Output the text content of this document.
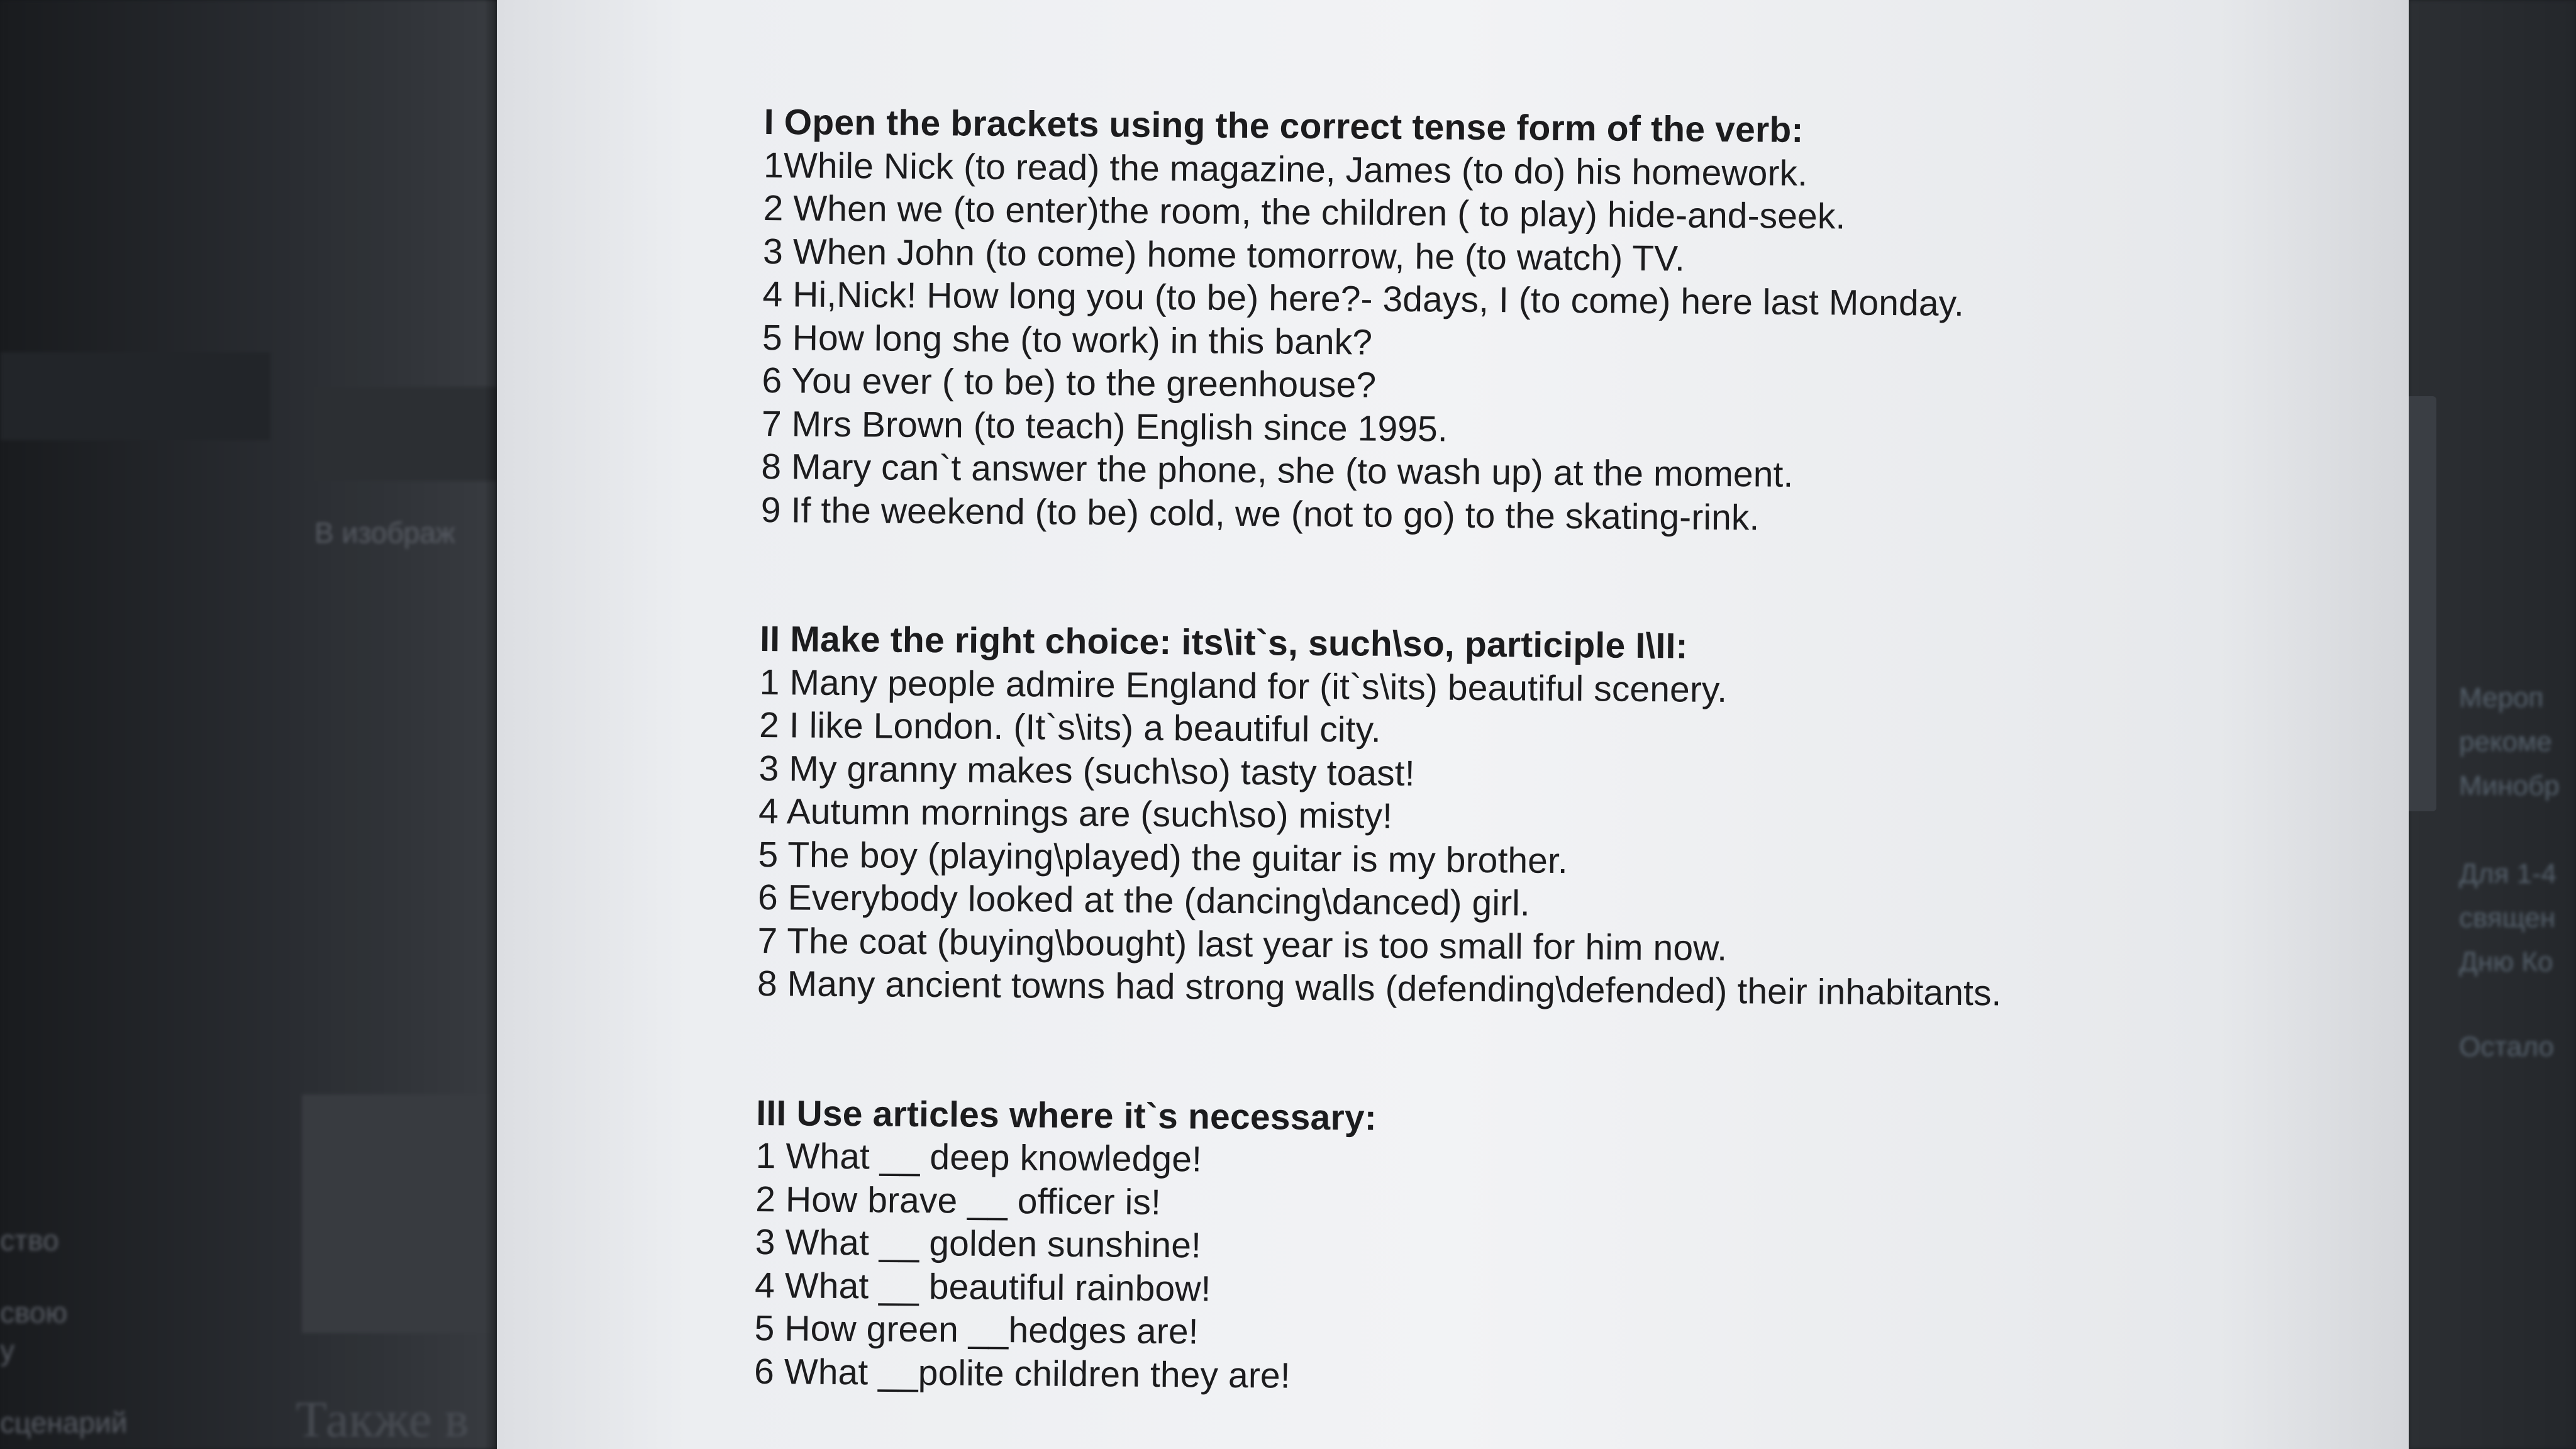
В изображ
ство
свою
у
сценарий	Также в
Мероп
рекоме
Минобр
Для 1-4
священ
Дню Ко
Остало
I Open the brackets using the correct tense form of the verb:
1While Nick (to read) the magazine, James (to do) his homework.
2 When we (to enter)the room, the children ( to play) hide-and-seek.
3 When John (to come) home tomorrow, he (to watch) TV.
4 Hi,Nick! How long you (to be) here?- 3days, I (to come) here last Monday.
5 How long she (to work) in this bank?
6 You ever ( to be) to the greenhouse?
7 Mrs Brown (to teach) English since 1995.
8 Mary can`t answer the phone, she (to wash up) at the moment.
9 If the weekend (to be) cold, we (not to go) to the skating-rink.
II Make the right choice: its\it`s, such\so, participle I\II:
1 Many people admire England for (it`s\its) beautiful scenery.
2 I like London. (It`s\its) a beautiful city.
3 My granny makes (such\so) tasty toast!
4 Autumn mornings are (such\so) misty!
5 The boy (playing\played) the guitar is my brother.
6 Everybody looked at the (dancing\danced) girl.
7 The coat (buying\bought) last year is too small for him now.
8 Many ancient towns had strong walls (defending\defended) their inhabitants.
III Use articles where it`s necessary:
1 What __ deep knowledge!
2 How brave __ officer is!
3 What __ golden sunshine!
4 What __ beautiful rainbow!
5 How green __hedges are!
6 What __polite children they are!
